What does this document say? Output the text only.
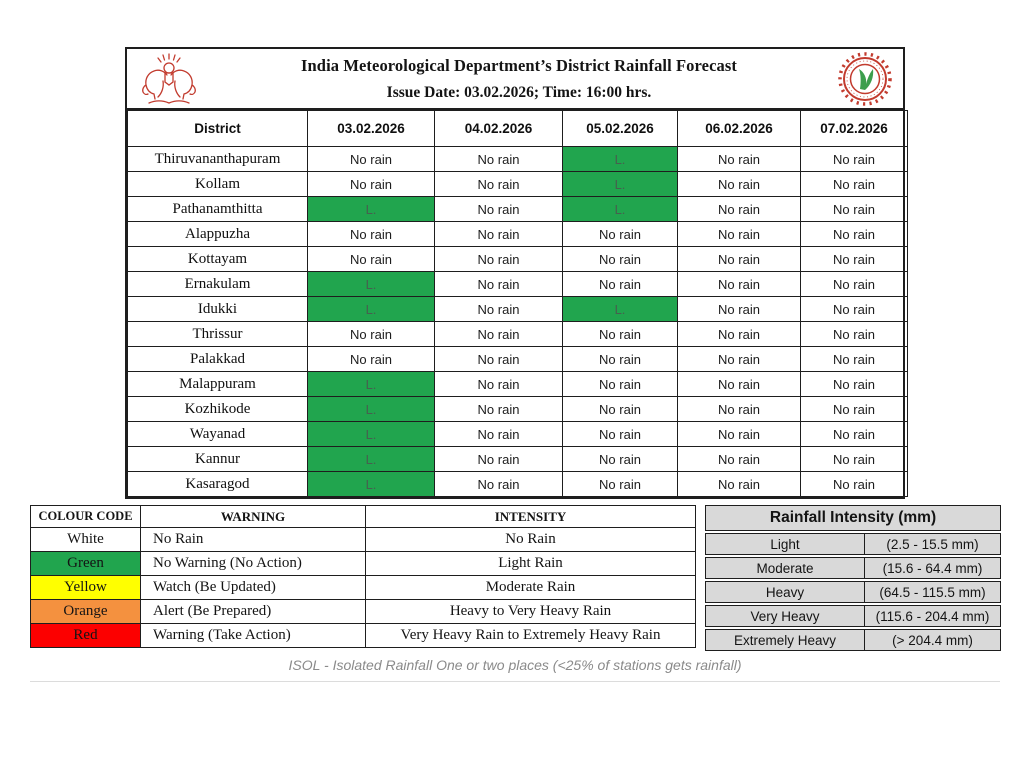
India Meteorological Department’s District Rainfall Forecast
Issue Date: 03.02.2026; Time: 16:00 hrs.
District	03.02.2026	04.02.2026	05.02.2026	06.02.2026	07.02.2026
Thiruvananthapuram	No rain	No rain	L.	No rain	No rain
Kollam	No rain	No rain	L.	No rain	No rain
Pathanamthitta	L.	No rain	L.	No rain	No rain
Alappuzha	No rain	No rain	No rain	No rain	No rain
Kottayam	No rain	No rain	No rain	No rain	No rain
Ernakulam	L.	No rain	No rain	No rain	No rain
Idukki	L.	No rain	L.	No rain	No rain
Thrissur	No rain	No rain	No rain	No rain	No rain
Palakkad	No rain	No rain	No rain	No rain	No rain
Malappuram	L.	No rain	No rain	No rain	No rain
Kozhikode	L.	No rain	No rain	No rain	No rain
Wayanad	L.	No rain	No rain	No rain	No rain
Kannur	L.	No rain	No rain	No rain	No rain
Kasaragod	L.	No rain	No rain	No rain	No rain
COLOUR CODE	WARNING	INTENSITY
White	No Rain	No Rain
Green	No Warning (No Action)	Light Rain
Yellow	Watch (Be Updated)	Moderate Rain
Orange	Alert (Be Prepared)	Heavy to Very Heavy Rain
Red	Warning (Take Action)	Very Heavy Rain to Extremely Heavy Rain
Rainfall Intensity (mm)	
Light	(2.5 - 15.5 mm)
Moderate	(15.6 - 64.4 mm)
Heavy	(64.5 - 115.5 mm)
Very Heavy	(115.6 - 204.4 mm)
Extremely Heavy	(> 204.4 mm)
ISOL - Isolated Rainfall One or two places (<25% of stations gets rainfall)
